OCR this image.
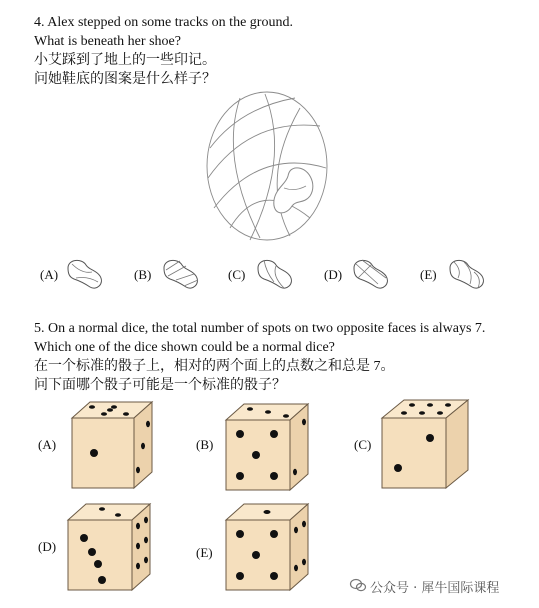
4. Alex stepped on some tracks on the ground.
What is beneath her shoe?
小艾踩到了地上的一些印记。
问她鞋底的图案是什么样子？
(A)	(B)	(C)	(D)	(E)
5. On a normal dice, the total number of spots on two opposite faces is always 7.
Which one of the dice shown could be a normal dice?
在一个标准的骰子上，相对的两个面上的点数之和总是 7。
问下面哪个骰子可能是一个标准的骰子？
(A)	(B)	(C)
(D)	(E)
公众号 · 犀牛国际课程
